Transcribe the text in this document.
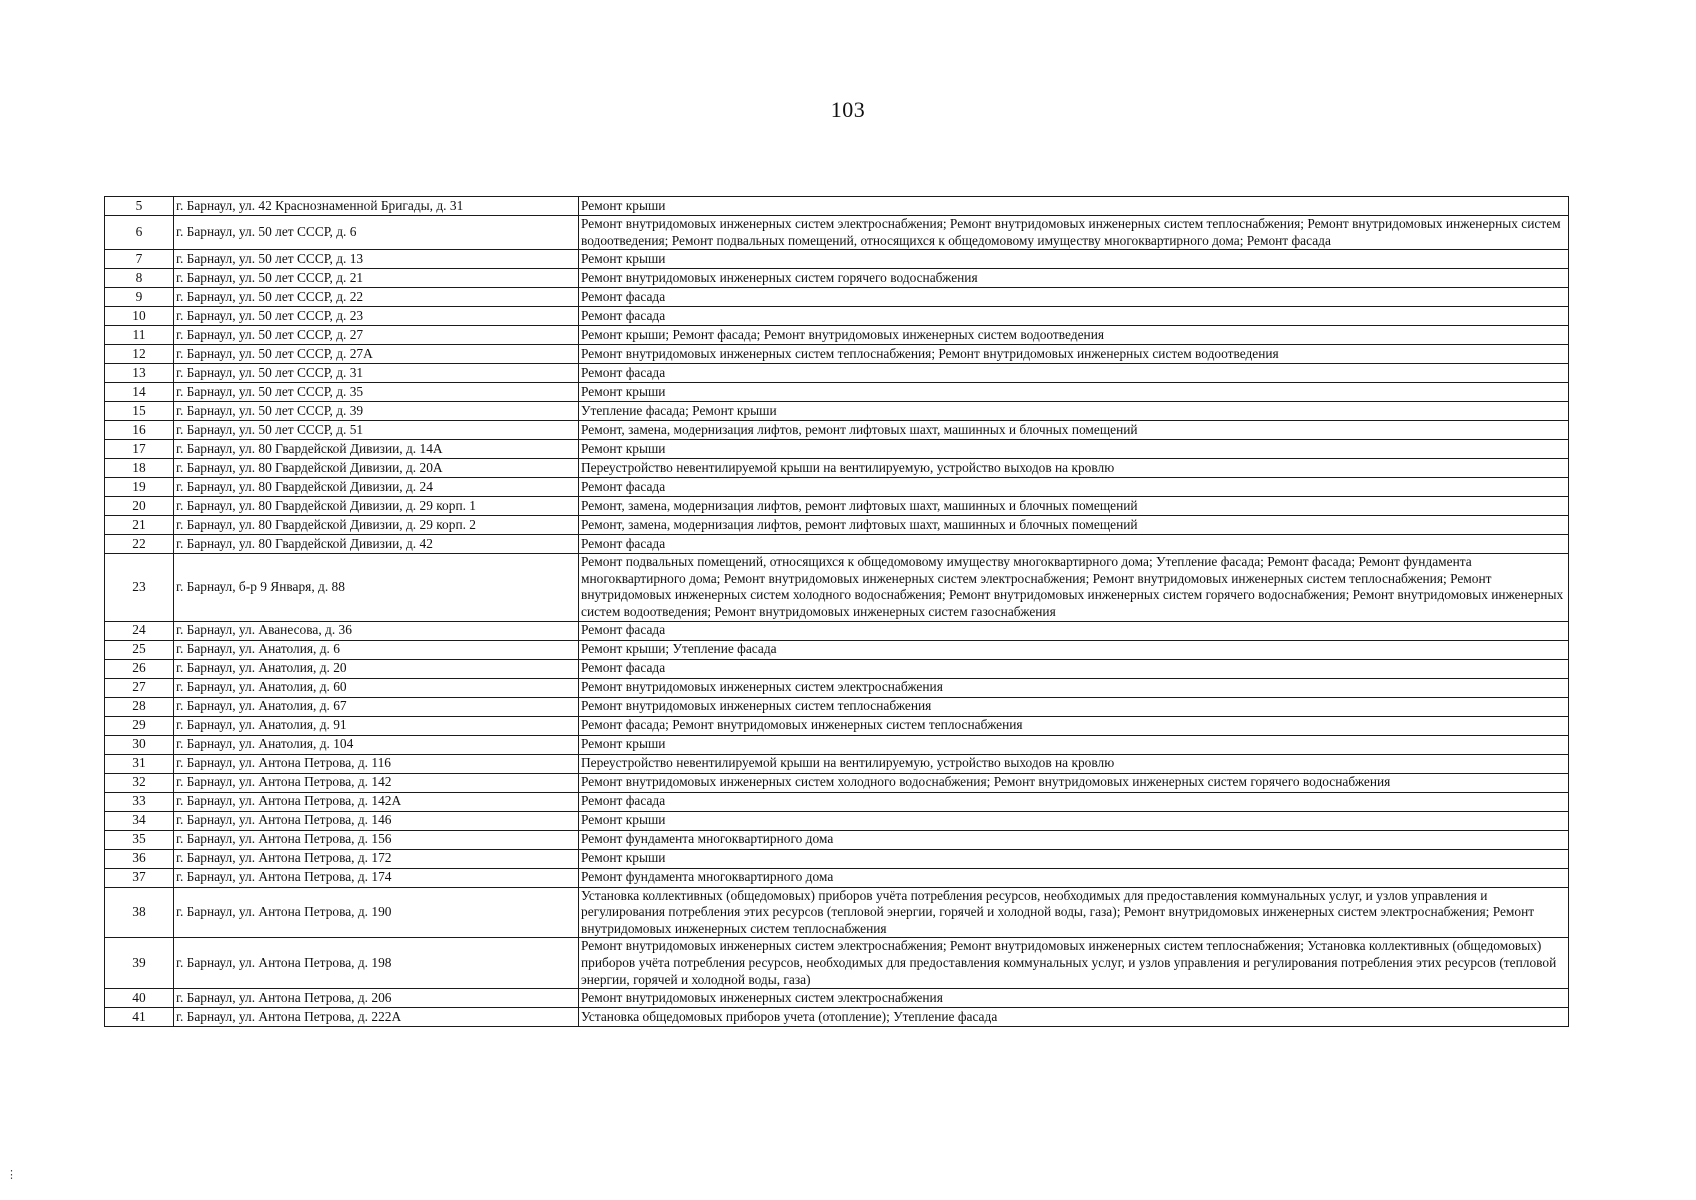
103
5	г. Барнаул, ул. 42 Краснознаменной Бригады, д. 31	Ремонт крыши
6	г. Барнаул, ул. 50 лет СССР, д. 6	Ремонт внутридомовых инженерных систем электроснабжения; Ремонт внутридомовых инженерных систем теплоснабжения; Ремонт внутридомовых инженерных систем водоотведения; Ремонт подвальных помещений, относящихся к общедомовому имуществу многоквартирного дома; Ремонт фасада
7	г. Барнаул, ул. 50 лет СССР, д. 13	Ремонт крыши
8	г. Барнаул, ул. 50 лет СССР, д. 21	Ремонт внутридомовых инженерных систем горячего водоснабжения
9	г. Барнаул, ул. 50 лет СССР, д. 22	Ремонт фасада
10	г. Барнаул, ул. 50 лет СССР, д. 23	Ремонт фасада
11	г. Барнаул, ул. 50 лет СССР, д. 27	Ремонт крыши; Ремонт фасада; Ремонт внутридомовых инженерных систем водоотведения
12	г. Барнаул, ул. 50 лет СССР, д. 27А	Ремонт внутридомовых инженерных систем теплоснабжения; Ремонт внутридомовых инженерных систем водоотведения
13	г. Барнаул, ул. 50 лет СССР, д. 31	Ремонт фасада
14	г. Барнаул, ул. 50 лет СССР, д. 35	Ремонт крыши
15	г. Барнаул, ул. 50 лет СССР, д. 39	Утепление фасада; Ремонт крыши
16	г. Барнаул, ул. 50 лет СССР, д. 51	Ремонт, замена, модернизация лифтов, ремонт лифтовых шахт, машинных и блочных помещений
17	г. Барнаул, ул. 80 Гвардейской Дивизии, д. 14А	Ремонт крыши
18	г. Барнаул, ул. 80 Гвардейской Дивизии, д. 20А	Переустройство невентилируемой крыши на вентилируемую, устройство выходов на кровлю
19	г. Барнаул, ул. 80 Гвардейской Дивизии, д. 24	Ремонт фасада
20	г. Барнаул, ул. 80 Гвардейской Дивизии, д. 29 корп. 1	Ремонт, замена, модернизация лифтов, ремонт лифтовых шахт, машинных и блочных помещений
21	г. Барнаул, ул. 80 Гвардейской Дивизии, д. 29 корп. 2	Ремонт, замена, модернизация лифтов, ремонт лифтовых шахт, машинных и блочных помещений
22	г. Барнаул, ул. 80 Гвардейской Дивизии, д. 42	Ремонт фасада
23	г. Барнаул, б-р 9 Января, д. 88	Ремонт подвальных помещений, относящихся к общедомовому имуществу многоквартирного дома; Утепление фасада; Ремонт фасада; Ремонт фундамента многоквартирного дома; Ремонт внутридомовых инженерных систем электроснабжения; Ремонт внутридомовых инженерных систем теплоснабжения; Ремонт внутридомовых инженерных систем холодного водоснабжения; Ремонт внутридомовых инженерных систем горячего водоснабжения; Ремонт внутридомовых инженерных систем водоотведения; Ремонт внутридомовых инженерных систем газоснабжения
24	г. Барнаул, ул. Аванесова, д. 36	Ремонт фасада
25	г. Барнаул, ул. Анатолия, д. 6	Ремонт крыши; Утепление фасада
26	г. Барнаул, ул. Анатолия, д. 20	Ремонт фасада
27	г. Барнаул, ул. Анатолия, д. 60	Ремонт внутридомовых инженерных систем электроснабжения
28	г. Барнаул, ул. Анатолия, д. 67	Ремонт внутридомовых инженерных систем теплоснабжения
29	г. Барнаул, ул. Анатолия, д. 91	Ремонт фасада; Ремонт внутридомовых инженерных систем теплоснабжения
30	г. Барнаул, ул. Анатолия, д. 104	Ремонт крыши
31	г. Барнаул, ул. Антона Петрова, д. 116	Переустройство невентилируемой крыши на вентилируемую, устройство выходов на кровлю
32	г. Барнаул, ул. Антона Петрова, д. 142	Ремонт внутридомовых инженерных систем холодного водоснабжения; Ремонт внутридомовых инженерных систем горячего водоснабжения
33	г. Барнаул, ул. Антона Петрова, д. 142А	Ремонт фасада
34	г. Барнаул, ул. Антона Петрова, д. 146	Ремонт крыши
35	г. Барнаул, ул. Антона Петрова, д. 156	Ремонт фундамента многоквартирного дома
36	г. Барнаул, ул. Антона Петрова, д. 172	Ремонт крыши
37	г. Барнаул, ул. Антона Петрова, д. 174	Ремонт фундамента многоквартирного дома
38	г. Барнаул, ул. Антона Петрова, д. 190	Установка коллективных (общедомовых) приборов учёта потребления ресурсов, необходимых для предоставления коммунальных услуг, и узлов управления и регулирования потребления этих ресурсов (тепловой энергии, горячей и холодной воды, газа); Ремонт внутридомовых инженерных систем электроснабжения; Ремонт внутридомовых инженерных систем теплоснабжения
39	г. Барнаул, ул. Антона Петрова, д. 198	Ремонт внутридомовых инженерных систем электроснабжения; Ремонт внутридомовых инженерных систем теплоснабжения; Установка коллективных (общедомовых) приборов учёта потребления ресурсов, необходимых для предоставления коммунальных услуг, и узлов управления и регулирования потребления этих ресурсов (тепловой энергии, горячей и холодной воды, газа)
40	г. Барнаул, ул. Антона Петрова, д. 206	Ремонт внутридомовых инженерных систем электроснабжения
41	г. Барнаул, ул. Антона Петрова, д. 222А	Установка общедомовых приборов учета (отопление); Утепление фасада
⋮
